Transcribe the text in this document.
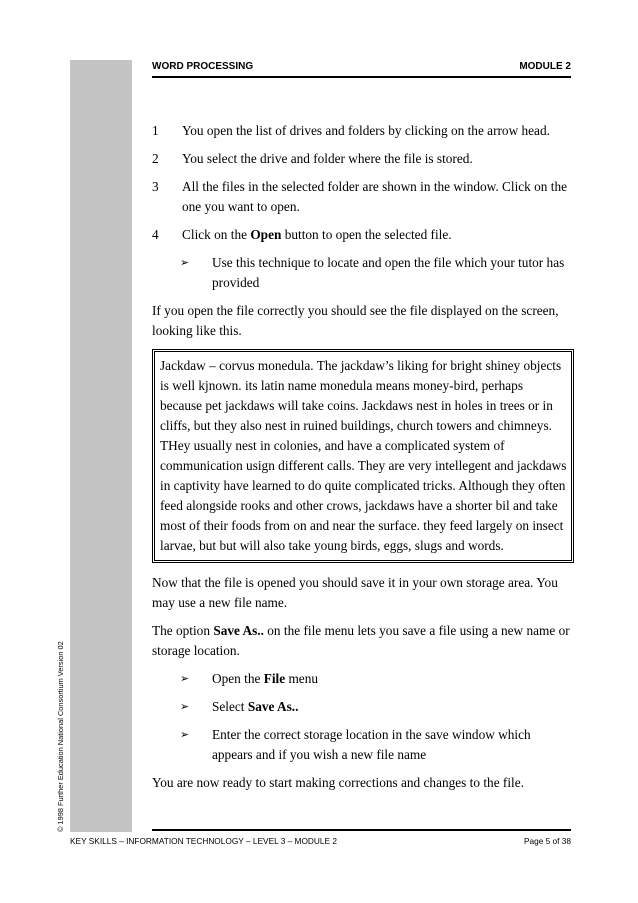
© 1998 Further Education National Consortium Version 02
WORD PROCESSING	MODULE 2
1 You open the list of drives and folders by clicking on the arrow head.
2 You select the drive and folder where the file is stored.
3 All the files in the selected folder are shown in the window. Click on the one you want to open.
4 Click on the Open button to open the selected file.
➢ Use this technique to locate and open the file which your tutor has provided
If you open the file correctly you should see the file displayed on the screen, looking like this.
Jackdaw – corvus monedula. The jackdaw’s liking for bright shiney objects is well kjnown. its latin name monedula means money-bird, perhaps because pet jackdaws will take coins. Jackdaws nest in holes in trees or in cliffs, but they also nest in ruined buildings, church towers and chimneys. THey usually nest in colonies, and have a complicated system of communication usign different calls. They are very intellegent and jackdaws in captivity have learned to do quite complicated tricks. Although they often feed alongside rooks and other crows, jackdaws have a shorter bil and take most of their foods from on and near the surface. they feed largely on insect larvae, but but will also take young birds, eggs, slugs and words.
Now that the file is opened you should save it in your own storage area. You may use a new file name.
The option Save As.. on the file menu lets you save a file using a new name or storage location.
➢ Open the File menu
➢ Select Save As..
➢ Enter the correct storage location in the save window which appears and if you wish a new file name
You are now ready to start making corrections and changes to the file.
KEY SKILLS – INFORMATION TECHNOLOGY – LEVEL 3 – MODULE 2	Page 5 of 38
